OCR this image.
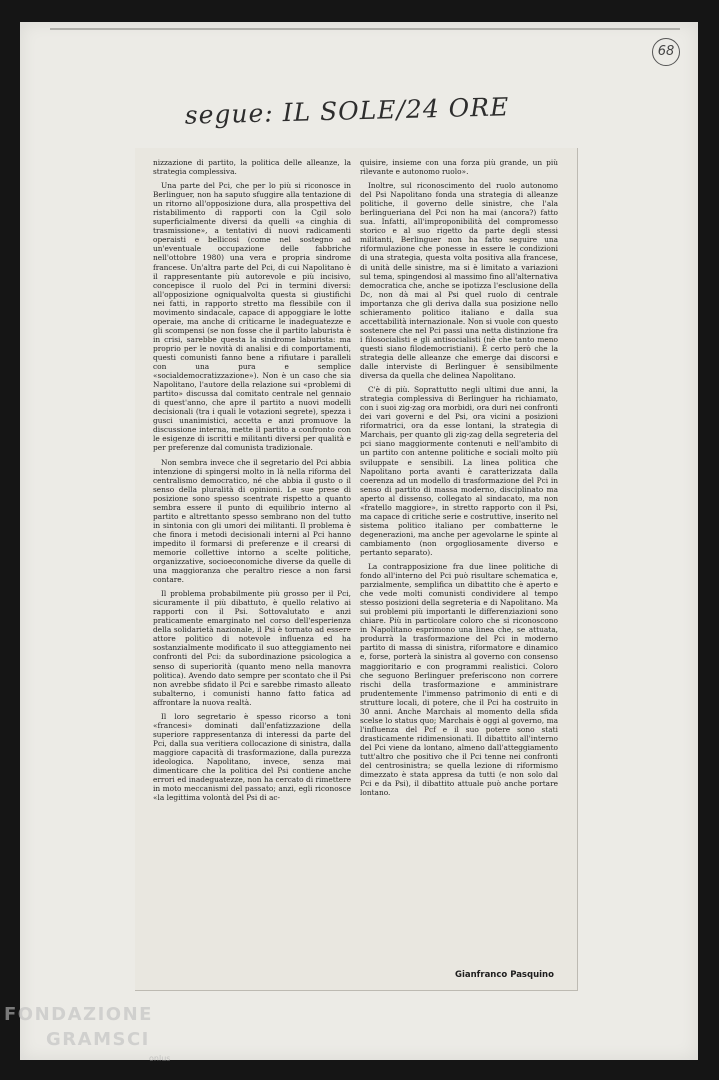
68
segue: IL SOLE/24 ORE

nizzazione di partito, la politica delle alleanze, la strategia complessiva.

Una parte del Pci, che per lo più si riconosce in Berlinguer, non ha saputo sfuggire alla tentazione di un ritorno all'opposizione dura, alla prospettiva del ristabilimento di rapporti con la Cgil solo superficialmente diversi da quelli «a cinghia di trasmissione», a tentativi di nuovi radicamenti operaisti e bellicosi (come nel sostegno ad un'eventuale occupazione delle fabbriche nell'ottobre 1980) una vera e propria sindrome francese. Un'altra parte del Pci, di cui Napolitano è il rappresentante più autorevole e più incisivo, concepisce il ruolo del Pci in termini diversi: all'opposizione ogniqualvolta questa si giustifichi nei fatti, in rapporto stretto ma flessibile con il movimento sindacale, capace di appoggiare le lotte operaie, ma anche di criticarne le inadeguatezze e gli scompensi (se non fosse che il partito laburista è in crisi, sarebbe questa la sindrome laburista: ma proprio per le novità di analisi e di comportamenti, questi comunisti fanno bene a rifiutare i paralleli con una pura e semplice «socialdemocratizzazione»). Non è un caso che sia Napolitano, l'autore della relazione sui «problemi di partito» discussa dal comitato centrale nel gennaio di quest'anno, che apre il partito a nuovi modelli decisionali (tra i quali le votazioni segrete), spezza i gusci unanimistici, accetta e anzi promuove la discussione interna, mette il partito a confronto con le esigenze di iscritti e militanti diversi per qualità e per preferenze dal comunista tradizionale.

Non sembra invece che il segretario del Pci abbia intenzione di spingersi molto in là nella riforma del centralismo democratico, né che abbia il gusto o il senso della pluralità di opinioni. Le sue prese di posizione sono spesso scentrate rispetto a quanto sembra essere il punto di equilibrio interno al partito e altrettanto spesso sembrano non del tutto in sintonia con gli umori dei militanti. Il problema è che finora i metodi decisionali interni al Pci hanno impedito il formarsi di preferenze e il crearsi di memorie collettive intorno a scelte politiche, organizzative, socioeconomiche diverse da quelle di una maggioranza che peraltro riesce a non farsi contare.

Il problema probabilmente più grosso per il Pci, sicuramente il più dibattuto, è quello relativo ai rapporti con il Psi. Sottovalutato e anzi praticamente emarginato nel corso dell'esperienza della solidarietà nazionale, il Psi è tornato ad essere attore politico di notevole influenza ed ha sostanzialmente modificato il suo atteggiamento nei confronti del Pci: da subordinazione psicologica a senso di superiorità (quanto meno nella manovra politica). Avendo dato sempre per scontato che il Psi non avrebbe sfidato il Pci e sarebbe rimasto alleato subalterno, i comunisti hanno fatto fatica ad affrontare la nuova realtà.

Il loro segretario è spesso ricorso a toni «francesi» dominati dall'enfatizzazione della superiore rappresentanza di interessi da parte del Pci, dalla sua veritiera collocazione di sinistra, dalla maggiore capacità di trasformazione, dalla purezza ideologica. Napolitano, invece, senza mai dimenticare che la politica del Psi contiene anche errori ed inadeguatezze, non ha cercato di rimettere in moto meccanismi del passato; anzi, egli riconosce «la legittima volontà del Psi di ac-

quisire, insieme con una forza più grande, un più rilevante e autonomo ruolo».

Inoltre, sul riconoscimento del ruolo autonomo del Psi Napolitano fonda una strategia di alleanze politiche, il governo delle sinistre, che l'ala berlingueriana del Pci non ha mai (ancora?) fatto sua. Infatti, all'improponibilità del compromesso storico e al suo rigetto da parte degli stessi militanti, Berlinguer non ha fatto seguire una riformulazione che ponesse in essere le condizioni di una strategia, questa volta positiva alla francese, di unità delle sinistre, ma si è limitato a variazioni sul tema, spingendosi al massimo fino all'alternativa democratica che, anche se ipotizza l'esclusione della Dc, non dà mai al Psi quel ruolo di centrale importanza che gli deriva dalla sua posizione nello schieramento politico italiano e dalla sua accettabilità internazionale. Non si vuole con questo sostenere che nel Pci passi una netta distinzione fra i filosocialisti e gli antisocialisti (nè che tanto meno questi siano filodemocristiani). È certo però che la strategia delle alleanze che emerge dai discorsi e dalle interviste di Berlinguer è sensibilmente diversa da quella che delinea Napolitano.

C'è di più. Soprattutto negli ultimi due anni, la strategia complessiva di Berlinguer ha richiamato, con i suoi zig-zag ora morbidi, ora duri nei confronti dei vari governi e del Psi, ora vicini a posizioni riformatrici, ora da esse lontani, la strategia di Marchais, per quanto gli zig-zag della segreteria del pci siano maggiormente contenuti e nell'ambito di un partito con antenne politiche e sociali molto più sviluppate e sensibili. La linea politica che Napolitano porta avanti è caratterizzata dalla coerenza ad un modello di trasformazione del Pci in senso di partito di massa moderno, disciplinato ma aperto al dissenso, collegato al sindacato, ma non «fratello maggiore», in stretto rapporto con il Psi, ma capace di critiche serie e costruttive, inserito nel sistema politico italiano per combatterne le degenerazioni, ma anche per agevolarne le spinte al cambiamento (non orgogliosamente diverso e pertanto separato).

La contrapposizione fra due linee politiche di fondo all'interno del Pci può risultare schematica e, parzialmente, semplifica un dibattito che è aperto e che vede molti comunisti condividere al tempo stesso posizioni della segreteria e di Napolitano. Ma sui problemi più importanti le differenziazioni sono chiare. Più in particolare coloro che si riconoscono in Napolitano esprimono una linea che, se attuata, produrrà la trasformazione del Pci in moderno partito di massa di sinistra, riformatore e dinamico e, forse, porterà la sinistra al governo con consenso maggioritario e con programmi realistici. Coloro che seguono Berlinguer preferiscono non correre rischi della trasformazione e amministrare prudentemente l'immenso patrimonio di enti e di strutture locali, di potere, che il Pci ha costruito in 30 anni. Anche Marchais al momento della sfida scelse lo status quo; Marchais è oggi al governo, ma l'influenza del Pcf e il suo potere sono stati drasticamente ridimensionati. Il dibattito all'interno del Pci viene da lontano, almeno dall'atteggiamento tutt'altro che positivo che il Pci tenne nei confronti del centrosinistra; se quella lezione di riformismo dimezzato è stata appresa da tutti (e non solo dal Pci e da Psi), il dibattito attuale può anche portare lontano.

Gianfranco Pasquino
FONDAZIONE
GRAMSCI
onlus
